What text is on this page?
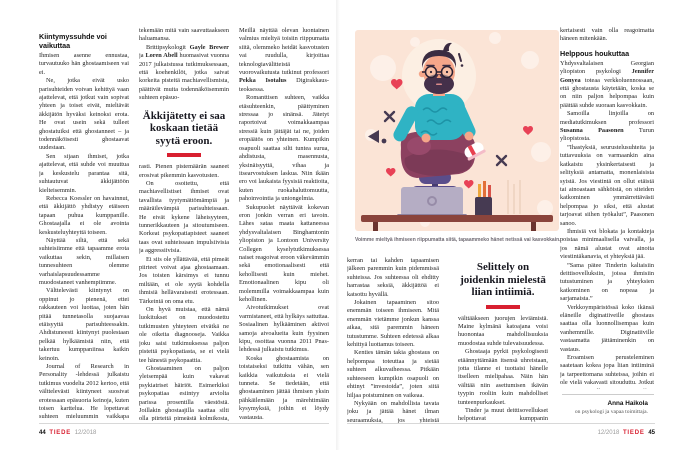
Kiintymyssuhde voi vaikuttaa

Ihmisen asenne ennustaa, turvautuuko hän ghostaamiseen vai ei.

Ne, jotka eivät usko parisuhteiden voivan kehittyä vaan ajattelevat, että jotkut vain sopivat yhteen ja toiset eivät, mieltävät äkkijätön hyväksi keinoksi erota. He ovat usein sekä tulleet ghostatuiksi että ghostanneet – ja todennäköisesti ghostaavat uudestaan.

Sen sijaan ihmiset, jotka ajattelevat, että suhde voi muuttua ja keskustelu parantaa sitä, suhtautuvat äkkijättöön kielteisemmin.

Rebecca Koessler on havainnut, että äkkijättö yhdistyy etäiseen tapaan puhua kumppanille. Ghostaajalla ei ole avointa keskusteluyhteyttä toiseen.

Näyttää siltä, että sekä suhteisiimme että tapaamme erota vaikuttaa sekin, millaisen tunnesuhteen olemme varhaislapsuudessamme muodostaneet vanhempiimme.

Välttelevästi kiintynyt on oppinut jo pienenä, ettei rakkauteen voi luottaa, joten hän pitää tunnetasolla suojaavaa etäisyyttä parisuhteessakin. Ahdistuneesti kiintynyt puolestaan pelkää hylkäämistä niin, että takertuu kumppaniinsa kaikin keinoin.

Journal of Research in Personality -lehdessä julkaistu tutkimus vuodelta 2012 kertoo, että välttelevästi kiintyneet suosivat erotessaan epäsuoria keinoja, kuten toisen karttelua. He lopettavat suhteen mieluummin vaikkapa

tekemään mitä vain saavuttaakseen haluamansa.

Brittipsykologit Gayle Brewer ja Loren Abell huomasivat vuonna 2017 julkaistussa tutkimuksessaan, että koehenkilöt, jotka saivat korkeita pisteitä machiavellismista, päättivät muita todennäköisemmin suhteen epäsuo-

Äkkijätetty ei saa koskaan tietää syytä eroon.

rasti. Pienen pistemäärän saaneet erosivat pikemmin kasvotusten.

On osoitettu, että machiavellistiset ihmiset ovat tavallista tyytymättömämpiä ja määräilevämpiä parisuhteissaan. He eivät kykene läheisyyteen, tunnerikkauteen ja sitoutumiseen. Korkeat psykopatiapisteet saaneet taas ovat suhteissaan impulsiivisia ja aggressiivisia.

Ei siis ole yllättävää, että pimeät piirteet voivat ajaa ghostaamaan. Jos toisten kärsimys ei tunnu miltään, ei ole syytä kohdella ihmisiä hellävaraisesti erotessaan. Tärkeintä on oma etu.

On hyvä muistaa, että nämä luokitukset on muodostettu tutkimusten yhteyteen eivätkä ne ole oikeita diagnooseja. Vaikka joku saisi tutkimuksessa paljon pisteitä psykopatiasta, se ei vielä tee hänestä psykopaattia.

Ghostaaminen on paljon yleisempää kuin vakavat psykiatriset häiriöt. Esimerkiksi psykopatiaa esiintyy arviolta parissa prosentilla väestöstä. Joillakin ghostaajilla saattaa silti olla piirteitä pimeästä kolmikosta,

Meillä näyttää olevan luontainen valmius mieltyä toisiin riippumatta siitä, olemmeko heidät kasvotusten vai ruudulla, kirjoittaa teknologiavälitteistä vuorovaikutusta tutkinut professori Pekka Isotalus Digirakkaus-teoksessa.

Romanttisen suhteen, vaikka etäsuhteenkin, päättyminen stressaa jo sinänsä. Jätetyt raportoivat voimakkaampaa stressiä kuin jättäjät tai ne, joiden eropäätös on yhteinen. Kumpikin osapuoli saattaa silti tuntea surua, ahdistusta, masennusta, yksinäisyyttä, vihaa ja itsearvostuksen laskua. Niin ikään ero voi laukaista fyysisiä reaktioita, kuten ruokahaluttomuutta, pahoinvointia ja uniongelmia.

Sukupuolet näyttävät kokevan eron jonkin verran eri tavoin. Lähes sataa maata kattaneessa yhdysvaltalaisen Binghamtonin yliopiston ja Lontoon University Collegen kyselytutkimuksessa naiset reagoivat eroon väkevämmin sekä emotionaalisesti että kehollisesti kuin miehet. Emotionaalinen kipu oli molemmilla voimakkaampaa kuin kehollinen.

Aivotutkimukset ovat varmistaneet, että hylkäys sattuttaa. Sosiaalinen hylkääminen aktivoi samoja aivoalueita kuin fyysinen kipu, osoittaa vuonna 2011 Pnas-lehdessä julkaistu tutkimus.

Koska ghostaamista on toistaiseksi tutkittu vähän, sen kaikkia vaikutuksia ei vielä tunneta. Se tiedetään, että ghostaaminen jättää ihmisen yksin pähkäilemään ja märehtimään kysymyksiä, joihin ei löydy vastausta.

Voimme mieltyä ihmiseen riippumatta siitä, tapaammeko hänet netissä vai kasvokkain.

kerran tai kahden tapaamisen jälkeen paremmin kuin pidemmissä suhteissa. Jos suhteessa oli ehditty harrastaa seksiä, äkkijättöä ei katsottu hyvällä.

Jokainen tapaaminen sitoo enemmän toiseen ihmiseen. Mitä enemmän vietämme jonkun kanssa aikaa, sitä paremmin häneen tutustumme. Suhteen edetessä alkaa kehittyä luottamus toiseen.

Kenties tämän takia ghostaus on helpompaa toteuttaa ja sietää suhteen alkuvaiheessa. Pitkään suhteeseen kumpikin osapuoli on ehtinyt ”investoida”, joten siitä hiljaa poistuminen on vaikeaa.

Nykyään on mahdollista tavata joku ja jättää hänet ilman seuraamuksia, jos yhteistä

Selittely on joidenkin mielestä liian intiimiä.

välttääkseen juorujen leviämistä. Maine kylmänä katoajana voisi huonontaa mahdollisuuksia muodostaa suhde tulevaisuudessa.

Ghostaaja pyrkii psykologisesti etäännyttämään itsensä uhreistaan, jotta tilanne ei tuottaisi hänelle itselleen mielipahaa. Näin hän välttää niin asettumisen ikävän tyypin rooliin kuin mahdolliset tunteenpurkaukset.

Tinder ja muut deittisovellukset helpottavat kumppanin

kertaisesti vain olla reagoimatta häneen mitenkään.

Helppous houkuttaa

Yhdysvaltalaisen Georgian yliopiston psykologi Jennifer Gonyea toteaa verkkoluennossaan, että ghostausta käytetään, koska se on niin paljon helpompaa kuin päättää suhde suoraan kasvokkain.

Samoilla linjoilla on mediatutkimuksen professori Susanna Paasonen Turun yliopistosta.

”Ihastyksiä, seurustelusuhteita ja tuttavuuksia on varmaankin aina katkaistu yksinkertaisesti ja selityksiä antamatta, monenlaisista syistä. Jos viestintä on ollut etäistä tai ainoastaan sähköistä, on siteiden katkominen ymmärrettävästi helpompaa jo siksi, että alustat tarjoavat siihen työkalut”, Paasonen sanoo.

Ihmisiä voi blokata ja kontakteja poistaa minimaalisella vaivalla, ja jos nämä alustat ovat ainoita viestintäkanavia, ei yhteyksiä jää.

”Sama pätee Tinderin kaltaisiin deittisovelluksiin, joissa ihmisiin tutustuminen ja yhteyksien katkominen on nopeaa ja sarjamaista.”

Verkkoympäristössä koko ikänsä eläneille diginatiiveille ghostaus saattaa olla luonnollisempaa kuin vanhemmille. Diginatiiville vastaamatta jättäminenkin on vastaus.

Eroamisen perusteleminen saatetaan kokea jopa liian intiiminä ja tarpeettomana suhteissa, joihin ei ole vielä vakavasti sitouduttu. Jotkut

Anna Haikola
on psykologi ja vapaa toimittaja.
44 TIEDE 12/2018	12/2018 TIEDE 45
